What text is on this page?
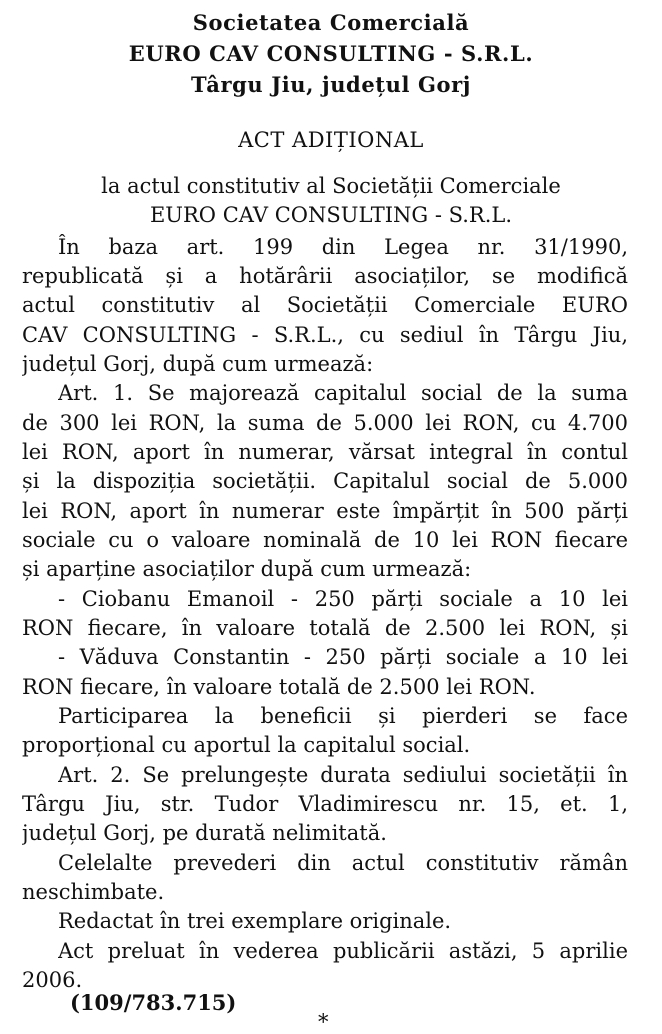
Societatea Comercială
EURO CAV CONSULTING - S.R.L.
Târgu Jiu, județul Gorj
ACT ADIȚIONAL
la actul constitutiv al Societății Comerciale
EURO CAV CONSULTING - S.R.L.
În baza art. 199 din Legea nr. 31/1990,
republicată și a hotărârii asociaților, se modifică
actul constitutiv al Societății Comerciale EURO
CAV CONSULTING - S.R.L., cu sediul în Târgu Jiu,
județul Gorj, după cum urmează:
Art. 1. Se majorează capitalul social de la suma
de 300 lei RON, la suma de 5.000 lei RON, cu 4.700
lei RON, aport în numerar, vărsat integral în contul
și la dispoziția societății. Capitalul social de 5.000
lei RON, aport în numerar este împărțit în 500 părți
sociale cu o valoare nominală de 10 lei RON fiecare
și aparține asociaților după cum urmează:
- Ciobanu Emanoil - 250 părți sociale a 10 lei
RON fiecare, în valoare totală de 2.500 lei RON, și
- Văduva Constantin - 250 părți sociale a 10 lei
RON fiecare, în valoare totală de 2.500 lei RON.
Participarea la beneficii și pierderi se face
proporțional cu aportul la capitalul social.
Art. 2. Se prelungește durata sediului societății în
Târgu Jiu, str. Tudor Vladimirescu nr. 15, et. 1,
județul Gorj, pe durată nelimitată.
Celelalte prevederi din actul constitutiv rămân
neschimbate.
Redactat în trei exemplare originale.
Act preluat în vederea publicării astăzi, 5 aprilie
2006.
(109/783.715)
*
